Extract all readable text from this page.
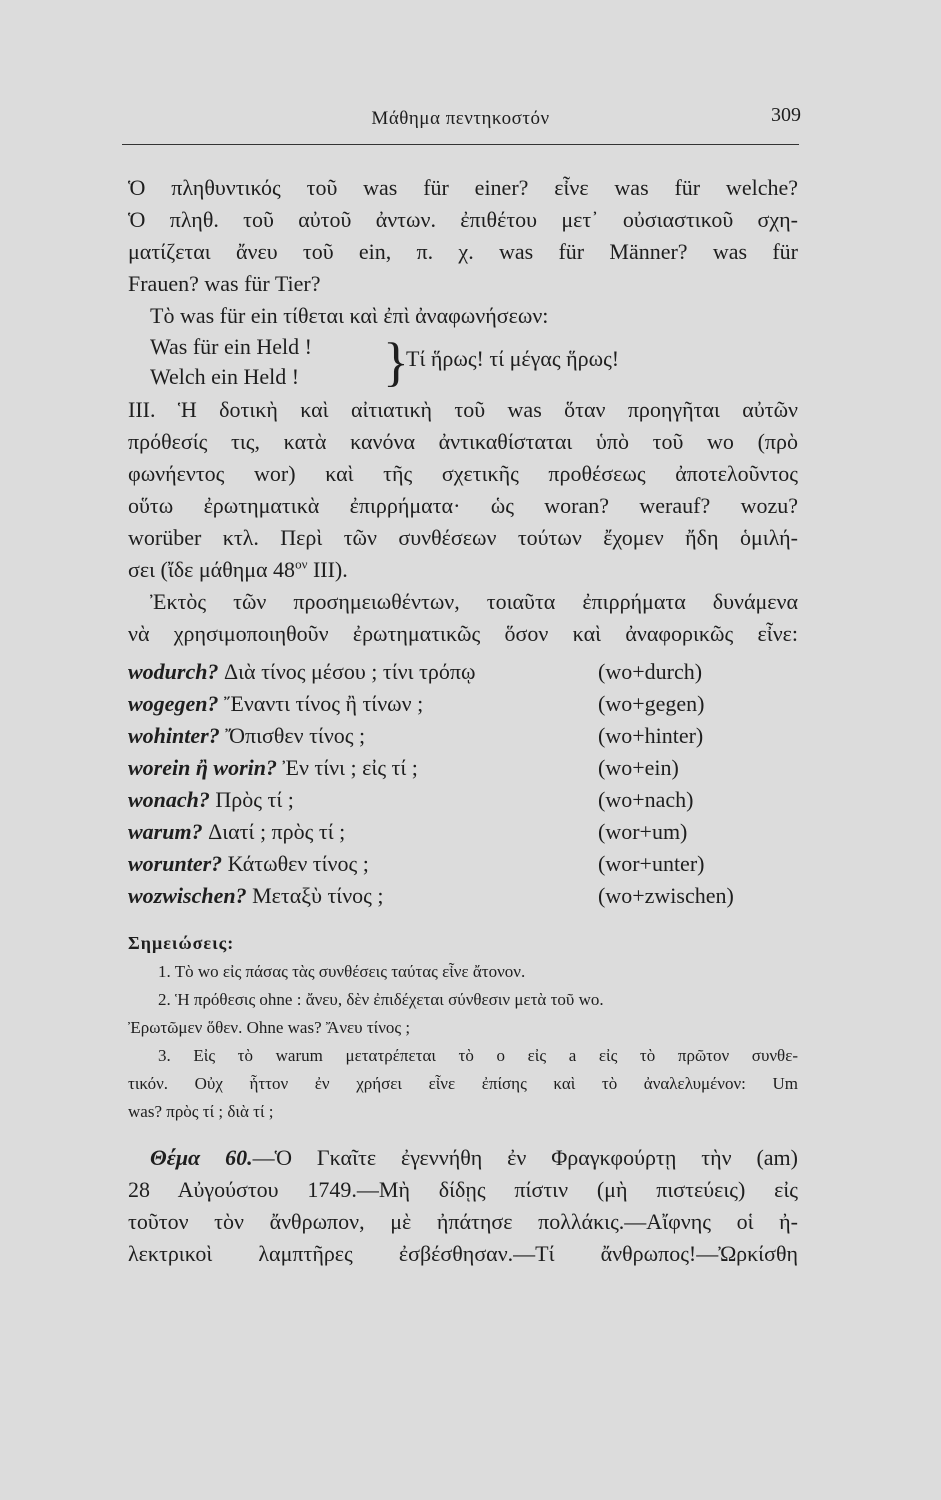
Μάθημα πεντηκοστόν	309
Ὁ πληθυντικός τοῦ was für einer? εἶνε was für welche?
Ὁ πληθ. τοῦ αὐτοῦ ἀντων. ἐπιθέτου μετ᾽ οὐσιαστικοῦ σχη-
ματίζεται ἄνευ τοῦ ein, π. χ. was für Männer? was für
Frauen? was für Tier?
Τὸ was für ein τίθεται καὶ ἐπὶ ἀναφωνήσεων:
Was für ein Held !
Welch ein Held ! }
Τί ἥρως! τί μέγας ἥρως!
III. Ἡ δοτικὴ καὶ αἰτιατικὴ τοῦ was ὅταν προηγῆται αὐτῶν
πρόθεσίς τις, κατὰ κανόνα ἀντικαθίσταται ὑπὸ τοῦ wo (πρὸ
φωνήεντος wor) καὶ τῆς σχετικῆς προθέσεως ἀποτελοῦντος
οὕτω ἐρωτηματικὰ ἐπιρρήματα· ὡς woran? werauf? wozu?
worüber κτλ. Περὶ τῶν συνθέσεων τούτων ἔχομεν ἤδη ὁμιλή-
σει (ἴδε μάθημα $48^{o\nu}$ III).
Ἐκτὸς τῶν προσημειωθέντων, τοιαῦτα ἐπιρρήματα δυνάμενα
νὰ χρησιμοποιηθοῦν ἐρωτηματικῶς ὅσον καὶ ἀναφορικῶς εἶνε:
wodurch? Διὰ τίνος μέσου ; τίνι τρόπῳ	(wo+durch)
wogegen? Ἔναντι τίνος ἢ τίνων ;	(wo+gegen)
wohinter? Ὄπισθεν τίνος ;	(wo+hinter)
worein ἢ worin? Ἐν τίνι ; εἰς τί ;	(wo+ein)
wonach? Πρὸς τί ;	(wo+nach)
warum? Διατί ; πρὸς τί ;	(wor+um)
worunter? Κάτωθεν τίνος ;	(wor+unter)
wozwischen? Μεταξὺ τίνος ;	(wo+zwischen)
Σημειώσεις:
1. Τὸ wo εἰς πάσας τὰς συνθέσεις ταύτας εἶνε ἄτονον.
2. Ἡ πρόθεσις ohne : ἄνευ, δὲν ἐπιδέχεται σύνθεσιν μετὰ τοῦ wo.
Ἐρωτῶμεν ὅθεν. Ohne was? Ἄνευ τίνος ;
3. Εἰς τὸ warum μετατρέπεται τὸ o εἰς a εἰς τὸ πρῶτον συνθε-
τικόν. Οὐχ ἧττον ἐν χρήσει εἶνε ἐπίσης καὶ τὸ ἀναλελυμένον: Um
was? πρὸς τί ; διὰ τί ;
Θέμα 60.—Ὁ Γκαῖτε ἐγεννήθη ἐν Φραγκφούρτῃ τὴν (am)
28 Αὐγούστου 1749.—Μὴ δίδῃς πίστιν (μὴ πιστεύεις) εἰς
τοῦτον τὸν ἄνθρωπον, μὲ ἠπάτησε πολλάκις.—Αἴφνης οἱ ἠ-
λεκτρικοὶ λαμπτῆρες ἐσβέσθησαν.—Τί ἄνθρωπος!—Ὠρκίσθη
